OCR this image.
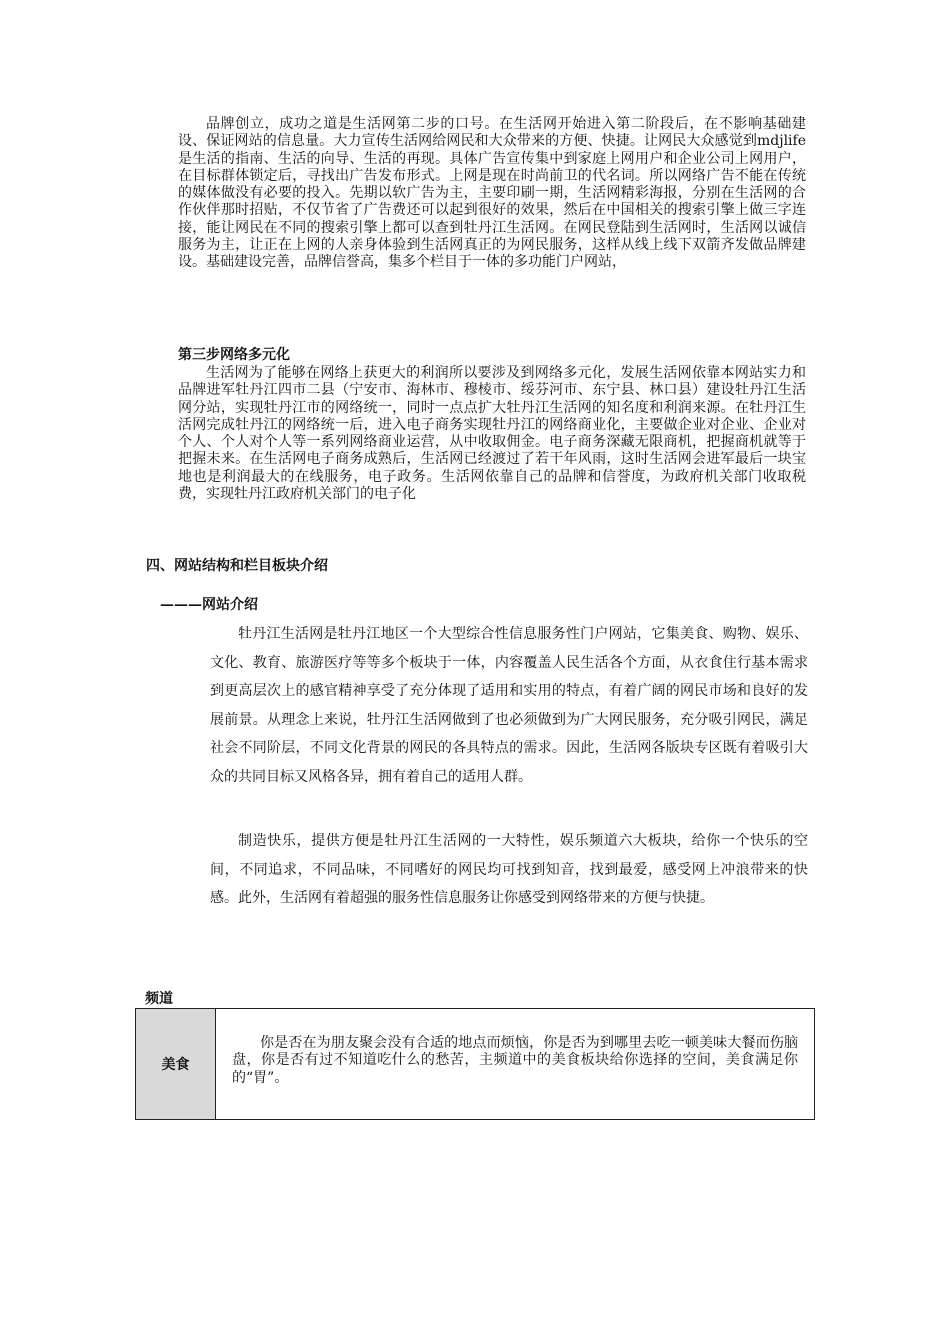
品牌创立，成功之道是生活网第二步的口号。在生活网开始进入第二阶段后，在不影响基础建设、保证网站的信息量。大力宣传生活网给网民和大众带来的方便、快捷。让网民大众感觉到mdjlife是生活的指南、生活的向导、生活的再现。具体广告宣传集中到家庭上网用户和企业公司上网用户，在目标群体锁定后，寻找出广告发布形式。上网是现在时尚前卫的代名词。所以网络广告不能在传统的媒体做没有必要的投入。先期以软广告为主，主要印刷一期，生活网精彩海报，分别在生活网的合作伙伴那时招贴，不仅节省了广告费还可以起到很好的效果，然后在中国相关的搜索引擎上做三字连接，能让网民在不同的搜索引擎上都可以查到牡丹江生活网。在网民登陆到生活网时，生活网以诚信服务为主，让正在上网的人亲身体验到生活网真正的为网民服务，这样从线上线下双箭齐发做品牌建设。基础建设完善，品牌信誉高，集多个栏目于一体的多功能门户网站，

第三步网络多元化

生活网为了能够在网络上获更大的利润所以要涉及到网络多元化，发展生活网依靠本网站实力和品牌进军牡丹江四市二县（宁安市、海林市、穆棱市、绥芬河市、东宁县、林口县）建设牡丹江生活网分站，实现牡丹江市的网络统一，同时一点点扩大牡丹江生活网的知名度和利润来源。在牡丹江生活网完成牡丹江的网络统一后，进入电子商务实现牡丹江的网络商业化，主要做企业对企业、企业对个人、个人对个人等一系列网络商业运营，从中收取佣金。电子商务深藏无限商机，把握商机就等于把握未来。在生活网电子商务成熟后，生活网已经渡过了若干年风雨，这时生活网会进军最后一块宝地也是利润最大的在线服务，电子政务。生活网依靠自己的品牌和信誉度，为政府机关部门收取税费，实现牡丹江政府机关部门的电子化

四、网站结构和栏目板块介绍
———网站介绍

牡丹江生活网是牡丹江地区一个大型综合性信息服务性门户网站，它集美食、购物、娱乐、文化、教育、旅游医疗等等多个板块于一体，内容覆盖人民生活各个方面，从衣食住行基本需求到更高层次上的感官精神享受了充分体现了适用和实用的特点，有着广阔的网民市场和良好的发展前景。从理念上来说，牡丹江生活网做到了也必须做到为广大网民服务，充分吸引网民，满足社会不同阶层，不同文化背景的网民的各具特点的需求。因此，生活网各版块专区既有着吸引大众的共同目标又风格各异，拥有着自己的适用人群。

制造快乐，提供方便是牡丹江生活网的一大特性，娱乐频道六大板块，给你一个快乐的空间，不同追求，不同品味，不同嗜好的网民均可找到知音，找到最爱，感受网上冲浪带来的快感。此外，生活网有着超强的服务性信息服务让你感受到网络带来的方便与快捷。

频道
美食
你是否在为朋友聚会没有合适的地点而烦恼，你是否为到哪里去吃一顿美味大餐而伤脑盘，你是否有过不知道吃什么的愁苦，主频道中的美食板块给你选择的空间，美食满足你的“胃”。
